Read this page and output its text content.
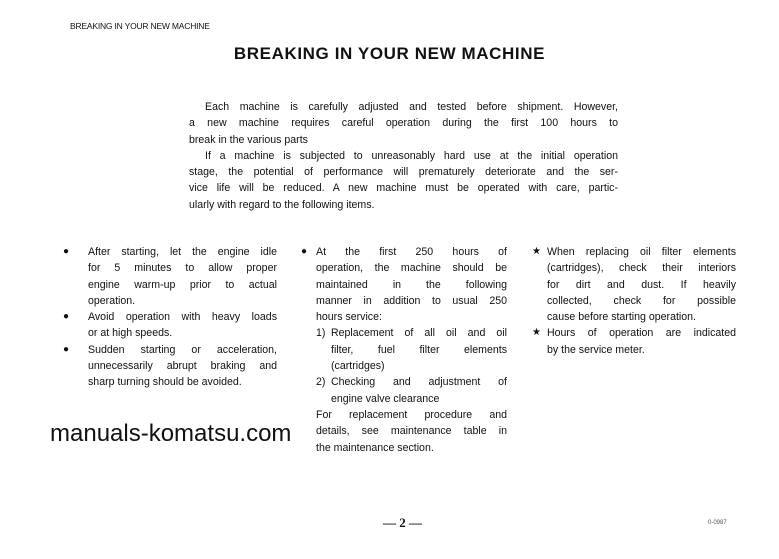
BREAKING IN YOUR NEW MACHINE
BREAKING IN YOUR NEW MACHINE
Each machine is carefully adjusted and tested before shipment. However,
a new machine requires careful operation during the first 100 hours to
break in the various parts
If a machine is subjected to unreasonably hard use at the initial operation
stage, the potential of performance will prematurely deteriorate and the ser-
vice life will be reduced. A new machine must be operated with care, partic-
ularly with regard to the following items.
● After starting, let the engine idle
for 5 minutes to allow proper
engine warm-up prior to actual
operation.
● Avoid operation with heavy loads
or at high speeds.
● Sudden starting or acceleration,
unnecessarily abrupt braking and
sharp turning should be avoided.
● At the first 250 hours of
operation, the machine should be
maintained in the following
manner in addition to usual 250
hours service:
1) Replacement of all oil and oil
filter, fuel filter elements
(cartridges)
2) Checking and adjustment of
engine valve clearance
For replacement procedure and
details, see maintenance table in
the maintenance section.
★ When replacing oil filter elements
(cartridges), check their interiors
for dirt and dust. If heavily
collected, check for possible
cause before starting operation.
★ Hours of operation are indicated
by the service meter.
manuals-komatsu.com
— 2 —	0-0987
